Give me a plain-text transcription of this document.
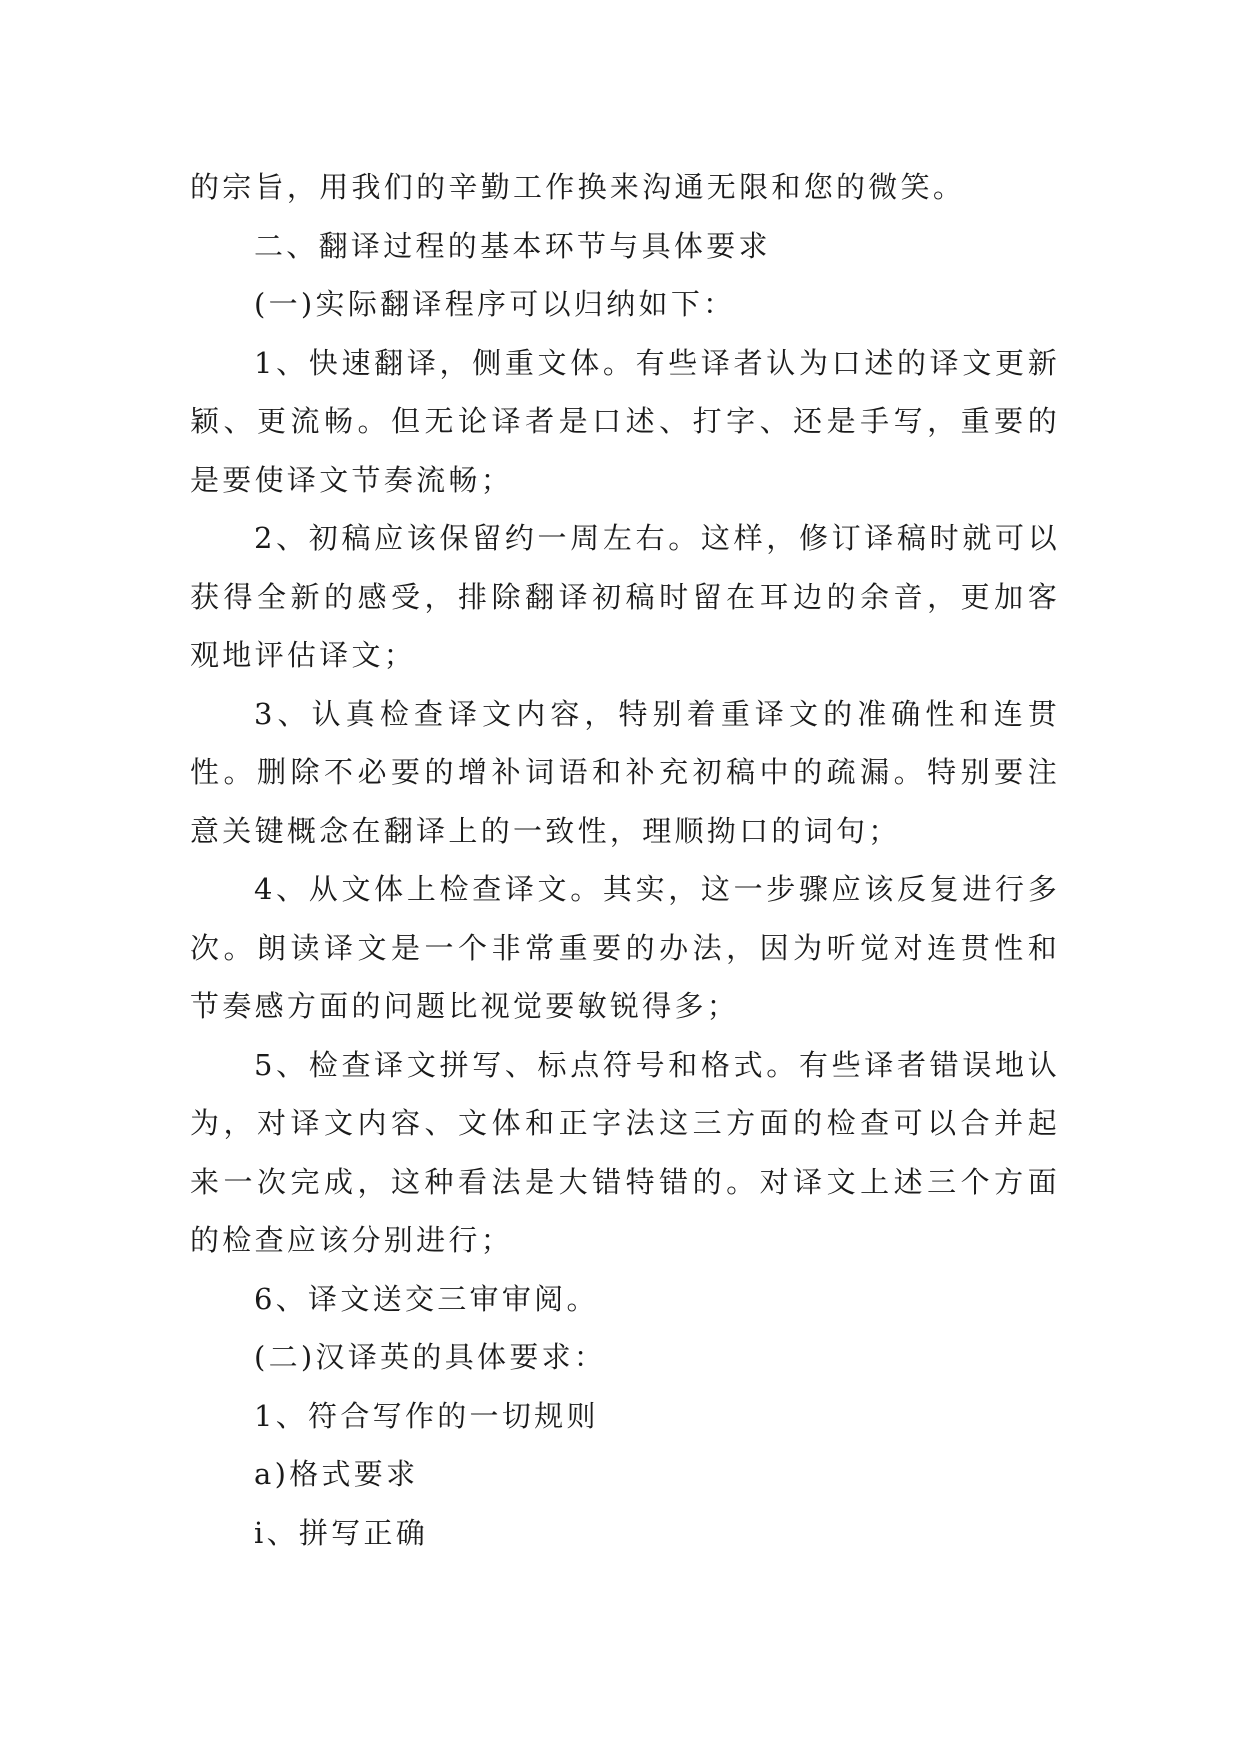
的宗旨，用我们的辛勤工作换来沟通无限和您的微笑。

二、翻译过程的基本环节与具体要求

(一)实际翻译程序可以归纳如下：

1、快速翻译，侧重文体。有些译者认为口述的译文更新颖、更流畅。但无论译者是口述、打字、还是手写，重要的是要使译文节奏流畅；

2、初稿应该保留约一周左右。这样，修订译稿时就可以获得全新的感受，排除翻译初稿时留在耳边的余音，更加客观地评估译文；

3、认真检查译文内容，特别着重译文的准确性和连贯性。删除不必要的增补词语和补充初稿中的疏漏。特别要注意关键概念在翻译上的一致性，理顺拗口的词句；

4、从文体上检查译文。其实，这一步骤应该反复进行多次。朗读译文是一个非常重要的办法，因为听觉对连贯性和节奏感方面的问题比视觉要敏锐得多；

5、检查译文拼写、标点符号和格式。有些译者错误地认为，对译文内容、文体和正字法这三方面的检查可以合并起来一次完成，这种看法是大错特错的。对译文上述三个方面的检查应该分别进行；

6、译文送交三审审阅。

(二)汉译英的具体要求：

1、符合写作的一切规则

a)格式要求

i、拼写正确
